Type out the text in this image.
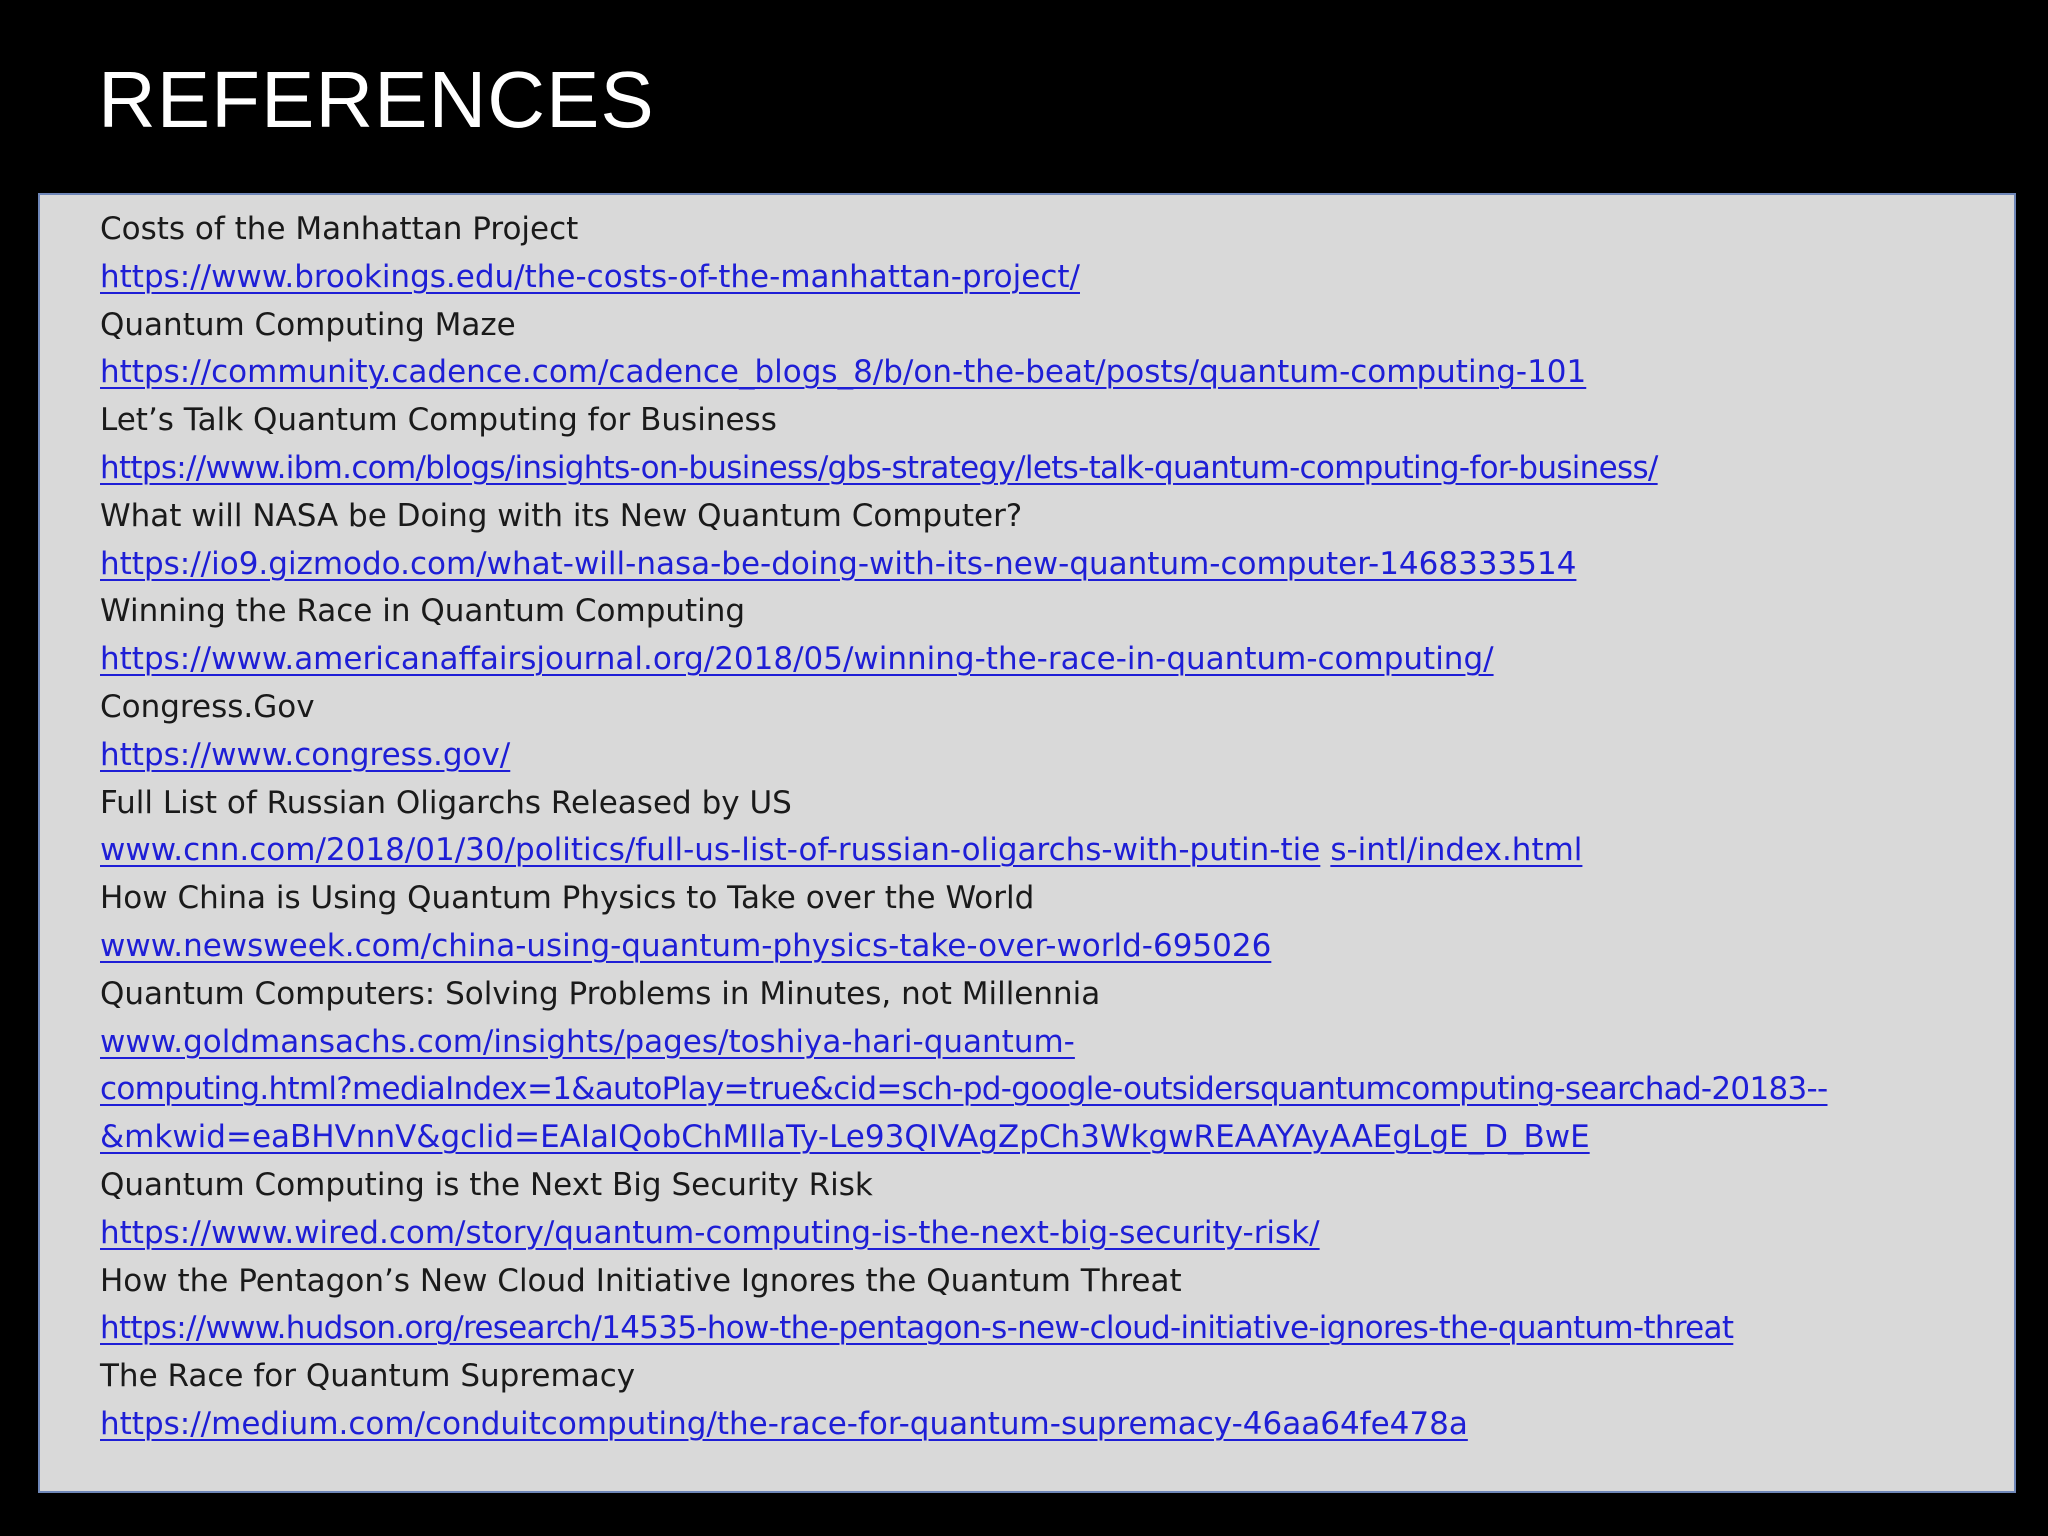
REFERENCES
Costs of the Manhattan Project
https://www.brookings.edu/the-costs-of-the-manhattan-project/
Quantum Computing Maze
https://community.cadence.com/cadence_blogs_8/b/on-the-beat/posts/quantum-computing-101
Let’s Talk Quantum Computing for Business
https://www.ibm.com/blogs/insights-on-business/gbs-strategy/lets-talk-quantum-computing-for-business/
What will NASA be Doing with its New Quantum Computer?
https://io9.gizmodo.com/what-will-nasa-be-doing-with-its-new-quantum-computer-1468333514
Winning the Race in Quantum Computing
https://www.americanaffairsjournal.org/2018/05/winning-the-race-in-quantum-computing/
Congress.Gov
https://www.congress.gov/
Full List of Russian Oligarchs Released by US
www.cnn.com/2018/01/30/politics/full-us-list-of-russian-oligarchs-with-putin-tie s-intl/index.html
How China is Using Quantum Physics to Take over the World
www.newsweek.com/china-using-quantum-physics-take-over-world-695026
Quantum Computers: Solving Problems in Minutes, not Millennia
www.goldmansachs.com/insights/pages/toshiya-hari-quantum-
computing.html?mediaIndex=1&autoPlay=true&cid=sch-pd-google-outsidersquantumcomputing-searchad-20183--
&mkwid=eaBHVnnV&gclid=EAIaIQobChMIlaTy-Le93QIVAgZpCh3WkgwREAAYAyAAEgLgE_D_BwE
Quantum Computing is the Next Big Security Risk
https://www.wired.com/story/quantum-computing-is-the-next-big-security-risk/
How the Pentagon’s New Cloud Initiative Ignores the Quantum Threat
https://www.hudson.org/research/14535-how-the-pentagon-s-new-cloud-initiative-ignores-the-quantum-threat
The Race for Quantum Supremacy
https://medium.com/conduitcomputing/the-race-for-quantum-supremacy-46aa64fe478a
